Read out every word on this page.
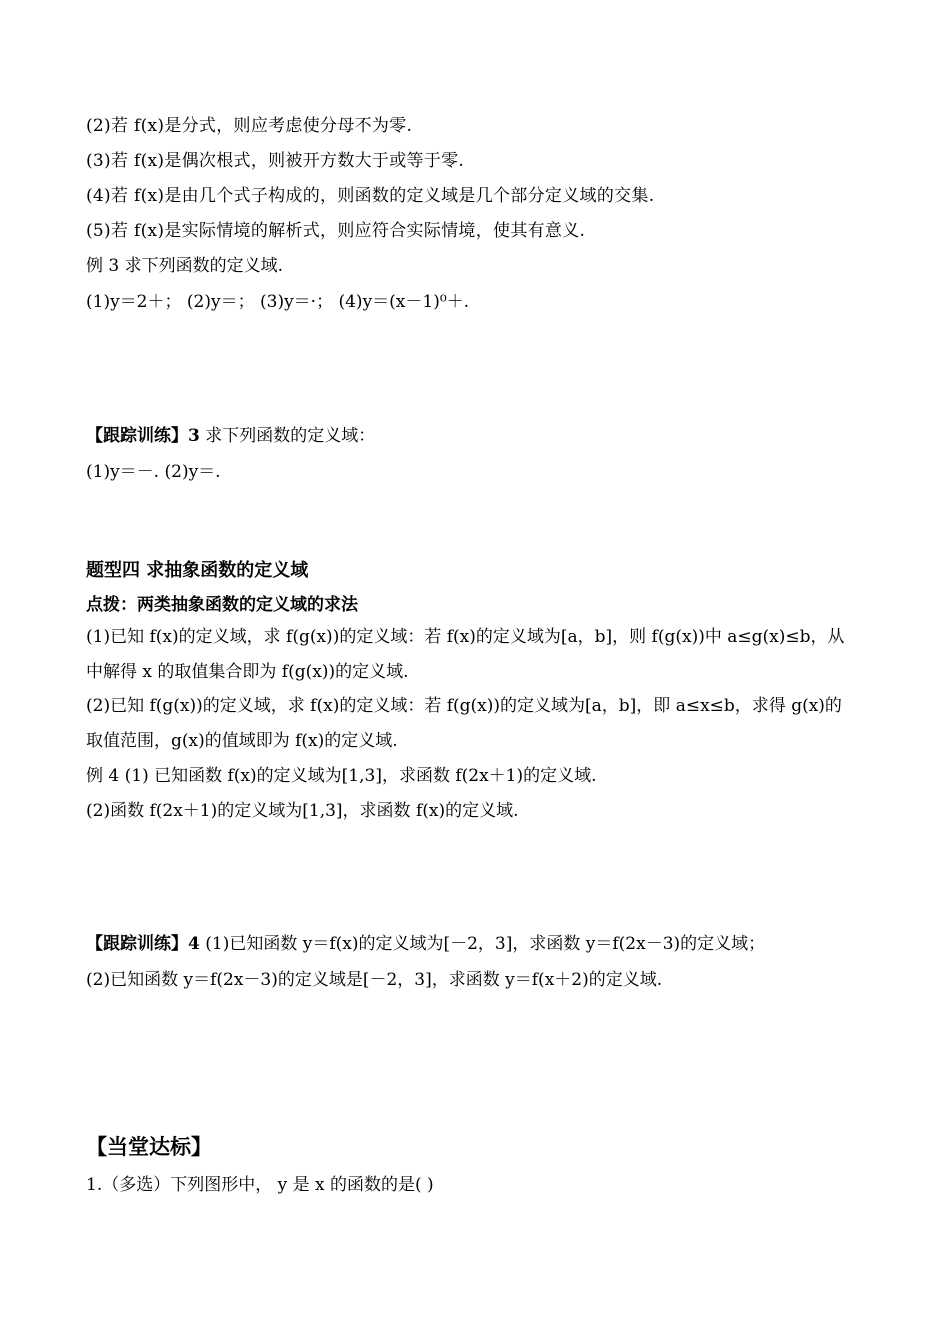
(2)若 f(x)是分式，则应考虑使分母不为零.
(3)若 f(x)是偶次根式，则被开方数大于或等于零.
(4)若 f(x)是由几个式子构成的，则函数的定义域是几个部分定义域的交集.
(5)若 f(x)是实际情境的解析式，则应符合实际情境，使其有意义.
例 3 求下列函数的定义域.
(1)y＝2＋； (2)y＝； (3)y＝·； (4)y＝(x－1)⁰＋.
【跟踪训练】3 求下列函数的定义域：
(1)y＝－. (2)y＝.
题型四 求抽象函数的定义域
点拨：两类抽象函数的定义域的求法
(1)已知 f(x)的定义域，求 f(g(x))的定义域：若 f(x)的定义域为[a，b]，则 f(g(x))中 a≤g(x)≤b，从
中解得 x 的取值集合即为 f(g(x))的定义域.
(2)已知 f(g(x))的定义域，求 f(x)的定义域：若 f(g(x))的定义域为[a，b]，即 a≤x≤b，求得 g(x)的
取值范围，g(x)的值域即为 f(x)的定义域.
例 4 (1) 已知函数 f(x)的定义域为[1,3]，求函数 f(2x＋1)的定义域.
(2)函数 f(2x＋1)的定义域为[1,3]，求函数 f(x)的定义域.
【跟踪训练】4 (1)已知函数 y＝f(x)的定义域为[－2，3]，求函数 y＝f(2x－3)的定义域；
(2)已知函数 y＝f(2x－3)的定义域是[－2，3]，求函数 y＝f(x＋2)的定义域.
【当堂达标】
1.（多选）下列图形中， y 是 x 的函数的是( )
